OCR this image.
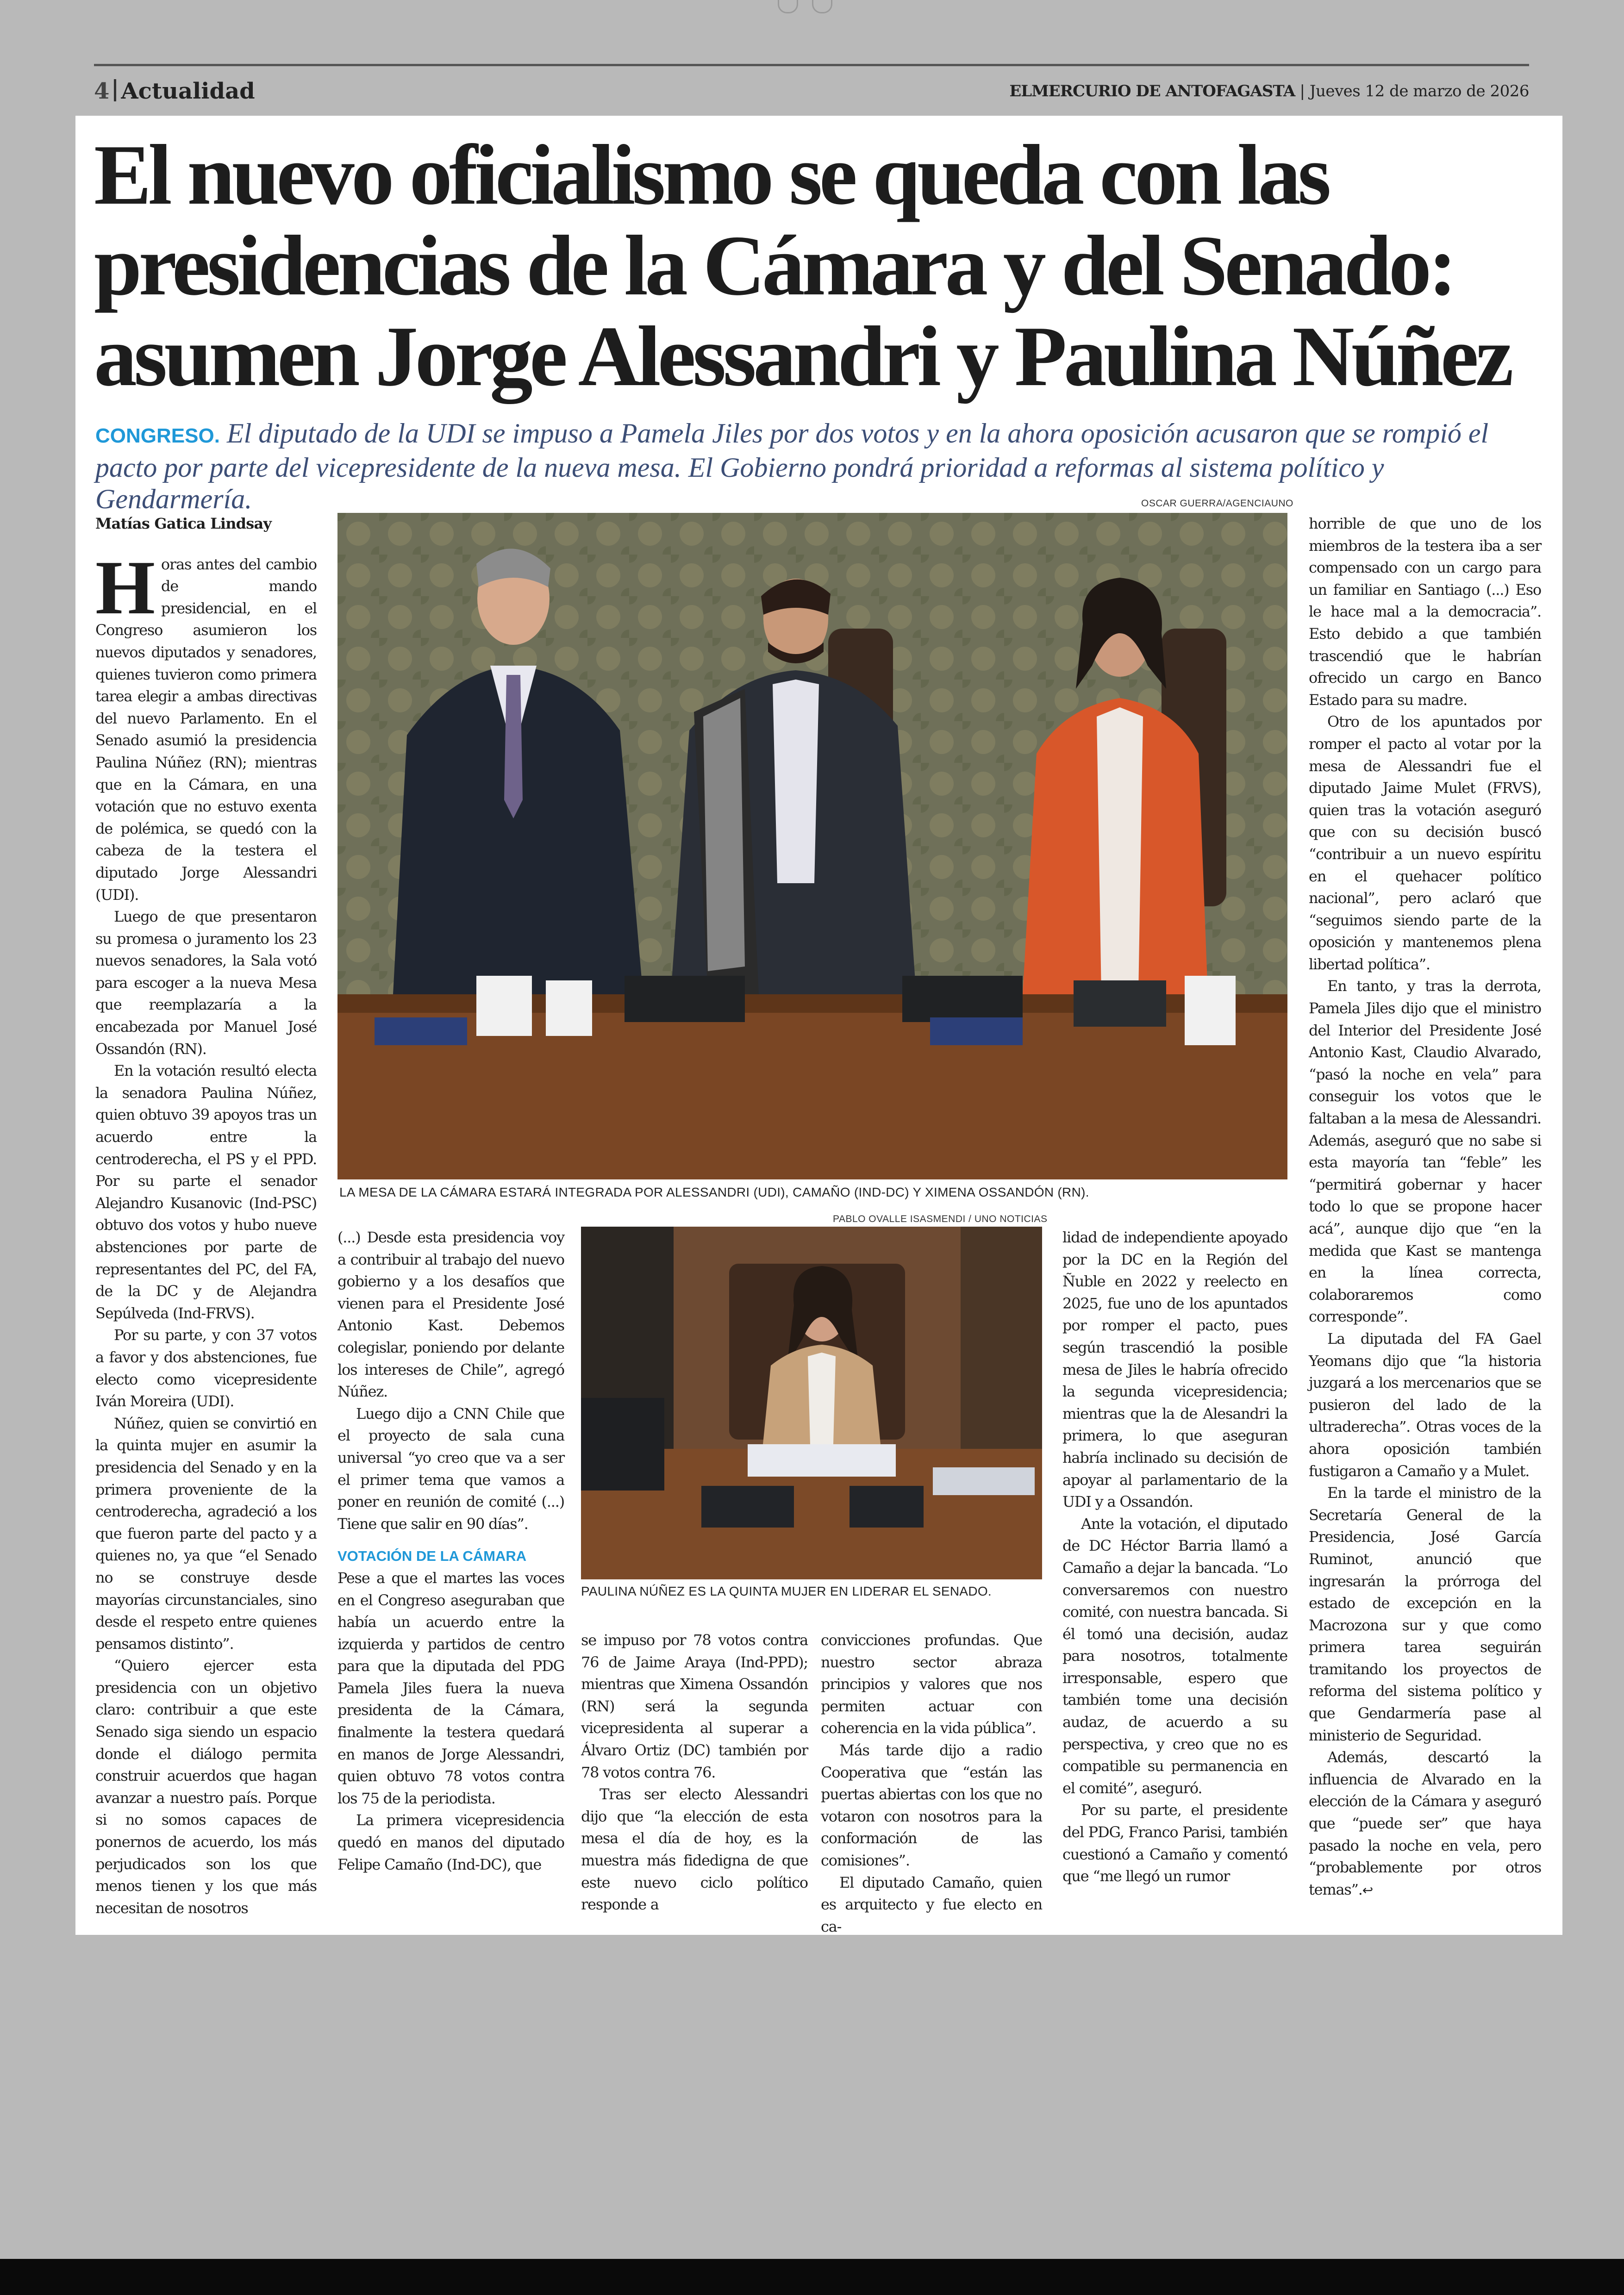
4 Actualidad	ELMERCURIO DE ANTOFAGASTA | Jueves 12 de marzo de 2026
El nuevo oficialismo se queda con las
presidencias de la Cámara y del Senado:
asumen Jorge Alessandri y Paulina Núñez

CONGRESO. El diputado de la UDI se impuso a Pamela Jiles por dos votos y en la ahora oposición acusaron que se rompió el pacto por parte del vicepresidente de la nueva mesa. El Gobierno pondrá prioridad a reformas al sistema político y Gendarmería.	OSCAR GUERRA/AGENCIAUNO
LA MESA DE LA CÁMARA ESTARÁ INTEGRADA POR ALESSANDRI (UDI), CAMAÑO (IND-DC) Y XIMENA OSSANDÓN (RN).
PABLO OVALLE ISASMENDI / UNO NOTICIAS
PAULINA NÚÑEZ ES LA QUINTA MUJER EN LIDERAR EL SENADO.

Matías Gatica Lindsay

Horas antes del cambio de mando presidencial, en el Congreso asumieron los nuevos diputados y senadores, quienes tuvieron como primera tarea elegir a ambas directivas del nuevo Parlamento. En el Senado asumió la presidencia Paulina Núñez (RN); mientras que en la Cámara, en una votación que no estuvo exenta de polémica, se quedó con la cabeza de la testera el diputado Jorge Alessandri (UDI).

Luego de que presentaron su promesa o juramento los 23 nuevos senadores, la Sala votó para escoger a la nueva Mesa que reemplazaría a la encabezada por Manuel José Ossandón (RN).

En la votación resultó electa la senadora Paulina Núñez, quien obtuvo 39 apoyos tras un acuerdo entre la centroderecha, el PS y el PPD. Por su parte el senador Alejandro Kusanovic (Ind-PSC) obtuvo dos votos y hubo nueve abstenciones por parte de representantes del PC, del FA, de la DC y de Alejandra Sepúlveda (Ind-FRVS).

Por su parte, y con 37 votos a favor y dos abstenciones, fue electo como vicepresidente Iván Moreira (UDI).

Núñez, quien se convirtió en la quinta mujer en asumir la presidencia del Senado y en la primera proveniente de la centroderecha, agradeció a los que fueron parte del pacto y a quienes no, ya que “el Senado no se construye desde mayorías circunstanciales, sino desde el respeto entre quienes pensamos distinto”.

“Quiero ejercer esta presidencia con un objetivo claro: contribuir a que este Senado siga siendo un espacio donde el diálogo permita construir acuerdos que hagan avanzar a nuestro país. Porque si no somos capaces de ponernos de acuerdo, los más perjudicados son los que menos tienen y los que más necesitan de nosotros

(...) Desde esta presidencia voy a contribuir al trabajo del nuevo gobierno y a los desafíos que vienen para el Presidente José Antonio Kast. Debemos colegislar, poniendo por delante los intereses de Chile”, agregó Núñez.

Luego dijo a CNN Chile que el proyecto de sala cuna universal “yo creo que va a ser el primer tema que vamos a poner en reunión de comité (...) Tiene que salir en 90 días”.

VOTACIÓN DE LA CÁMARA

Pese a que el martes las voces en el Congreso aseguraban que había un acuerdo entre la izquierda y partidos de centro para que la diputada del PDG Pamela Jiles fuera la nueva presidenta de la Cámara, finalmente la testera quedará en manos de Jorge Alessandri, quien obtuvo 78 votos contra los 75 de la periodista.

La primera vicepresidencia quedó en manos del diputado Felipe Camaño (Ind-DC), que

se impuso por 78 votos contra 76 de Jaime Araya (Ind-PPD); mientras que Ximena Ossandón (RN) será la segunda vicepresidenta al superar a Álvaro Ortiz (DC) también por 78 votos contra 76.

Tras ser electo Alessandri dijo que “la elección de esta mesa el día de hoy, es la muestra más fidedigna de que este nuevo ciclo político responde a

convicciones profundas. Que nuestro sector abraza principios y valores que nos permiten actuar con coherencia en la vida pública”.

Más tarde dijo a radio Cooperativa que “están las puertas abiertas con los que no votaron con nosotros para la conformación de las comisiones”.

El diputado Camaño, quien es arquitecto y fue electo en ca-

lidad de independiente apoyado por la DC en la Región del Ñuble en 2022 y reelecto en 2025, fue uno de los apuntados por romper el pacto, pues según trascendió la posible mesa de Jiles le habría ofrecido la segunda vicepresidencia; mientras que la de Alesandri la primera, lo que aseguran habría inclinado su decisión de apoyar al parlamentario de la UDI y a Ossandón.

Ante la votación, el diputado de DC Héctor Barria llamó a Camaño a dejar la bancada. “Lo conversaremos con nuestro comité, con nuestra bancada. Si él tomó una decisión, audaz para nosotros, totalmente irresponsable, espero que también tome una decisión audaz, de acuerdo a su perspectiva, y creo que no es compatible su permanencia en el comité”, aseguró.

Por su parte, el presidente del PDG, Franco Parisi, también cuestionó a Camaño y comentó que “me llegó un rumor

horrible de que uno de los miembros de la testera iba a ser compensado con un cargo para un familiar en Santiago (...) Eso le hace mal a la democracia”. Esto debido a que también trascendió que le habrían ofrecido un cargo en Banco Estado para su madre.

Otro de los apuntados por romper el pacto al votar por la mesa de Alessandri fue el diputado Jaime Mulet (FRVS), quien tras la votación aseguró que con su decisión buscó “contribuir a un nuevo espíritu en el quehacer político nacional”, pero aclaró que “seguimos siendo parte de la oposición y mantenemos plena libertad política”.

En tanto, y tras la derrota, Pamela Jiles dijo que el ministro del Interior del Presidente José Antonio Kast, Claudio Alvarado, “pasó la noche en vela” para conseguir los votos que le faltaban a la mesa de Alessandri. Además, aseguró que no sabe si esta mayoría tan “feble” les “permitirá gobernar y hacer todo lo que se propone hacer acá”, aunque dijo que “en la medida que Kast se mantenga en la línea correcta, colaboraremos como corresponde”.

La diputada del FA Gael Yeomans dijo que “la historia juzgará a los mercenarios que se pusieron del lado de la ultraderecha”. Otras voces de la ahora oposición también fustigaron a Camaño y a Mulet.

En la tarde el ministro de la Secretaría General de la Presidencia, José García Ruminot, anunció que ingresarán la prórroga del estado de excepción en la Macrozona sur y que como primera tarea seguirán tramitando los proyectos de reforma del sistema político y que Gendarmería pase al ministerio de Seguridad.

Además, descartó la influencia de Alvarado en la elección de la Cámara y aseguró que “puede ser” que haya pasado la noche en vela, pero “probablemente por otros temas”.↩
